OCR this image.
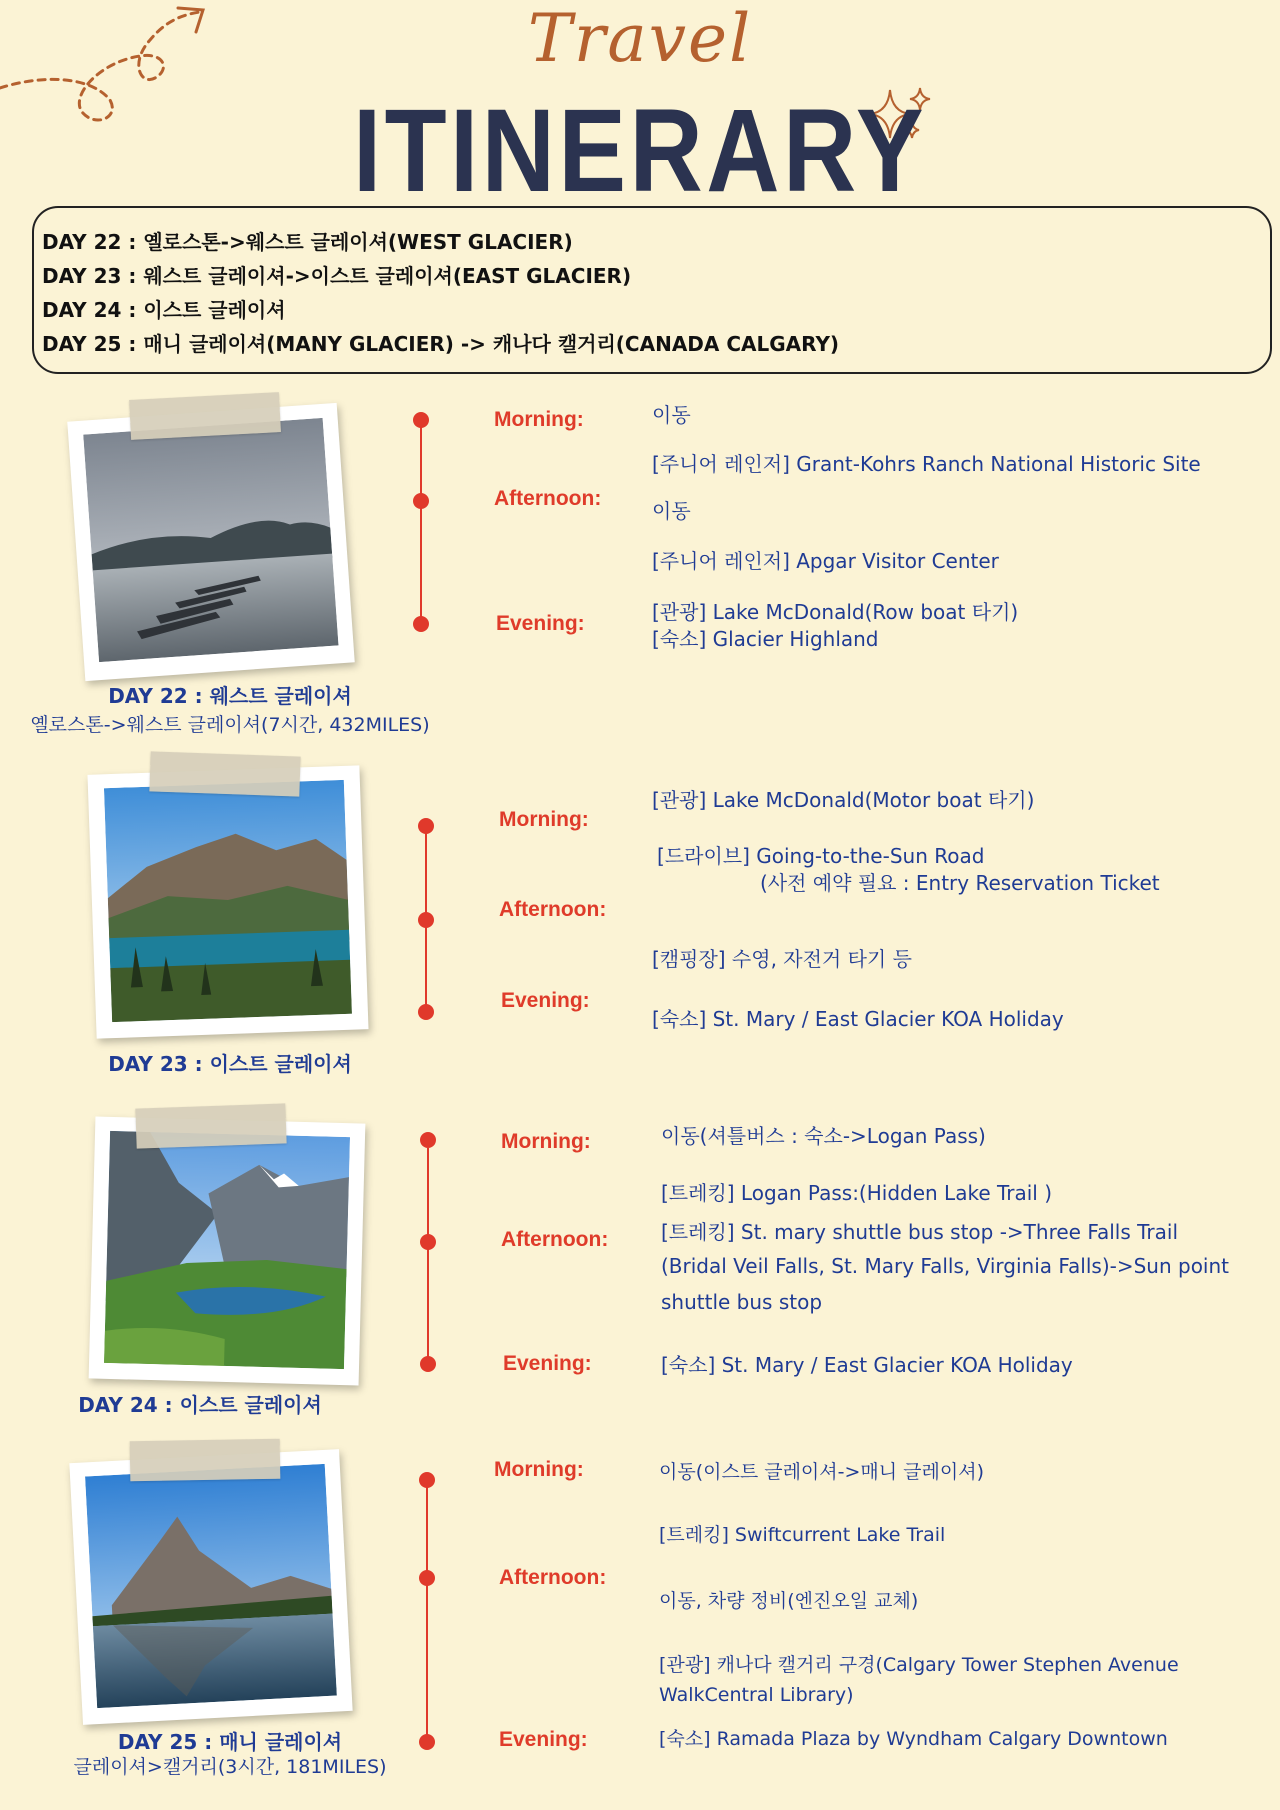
Travel
ITINERARY
DAY 22 : 옐로스톤->웨스트 글레이셔(WEST GLACIER)
DAY 23 : 웨스트 글레이셔->이스트 글레이셔(EAST GLACIER)
DAY 24 : 이스트 글레이셔
DAY 25 : 매니 글레이셔(MANY GLACIER) -> 캐나다 캘거리(CANADA CALGARY)
DAY 22 : 웨스트 글레이셔
옐로스톤->웨스트 글레이셔(7시간, 432MILES)
Morning:
Afternoon:
Evening:
이동
[주니어 레인저] Grant-Kohrs Ranch National Historic Site
이동
[주니어 레인저] Apgar Visitor Center
[관광] Lake McDonald(Row boat 타기)
[숙소] Glacier Highland
DAY 23 : 이스트 글레이셔
Morning:
Afternoon:
Evening:
[관광] Lake McDonald(Motor boat 타기)
[드라이브] Going-to-the-Sun Road
(사전 예약 필요 : Entry Reservation Ticket
[캠핑장] 수영, 자전거 타기 등
[숙소] St. Mary / East Glacier KOA Holiday
DAY 24 : 이스트 글레이셔
Morning:
Afternoon:
Evening:
이동(셔틀버스 : 숙소->Logan Pass)
[트레킹] Logan Pass:(Hidden Lake Trail )
[트레킹] St. mary shuttle bus stop ->Three Falls Trail
(Bridal Veil Falls, St. Mary Falls, Virginia Falls)->Sun point
shuttle bus stop
[숙소] St. Mary / East Glacier KOA Holiday
DAY 25 : 매니 글레이셔
글레이셔>캘거리(3시간, 181MILES)
Morning:
Afternoon:
Evening:
이동(이스트 글레이셔->매니 글레이셔)
[트레킹] Swiftcurrent Lake Trail
이동, 차량 정비(엔진오일 교체)
[관광] 캐나다 캘거리 구경(Calgary Tower Stephen Avenue
WalkCentral Library)
[숙소] Ramada Plaza by Wyndham Calgary Downtown
